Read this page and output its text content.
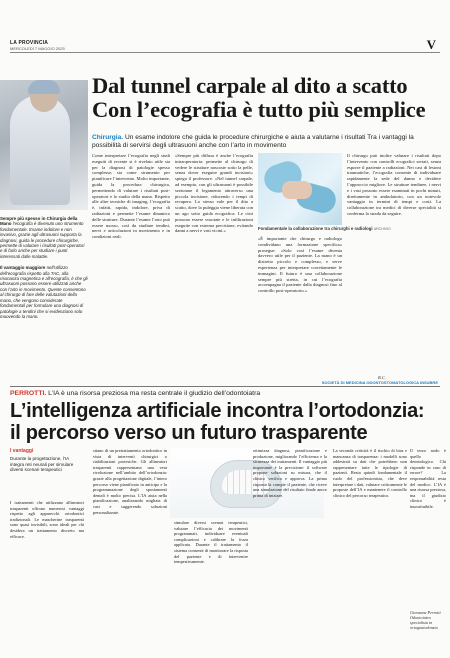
LA PROVINCIA
MERCOLEDÌ 7 MAGGIO 2025	V
Dal tunnel carpale al dito a scatto
Con l’ecografia è tutto più semplice
Chirurgia. Un esame indolore che guida le procedure chirurgiche e aiuta a valutarne i risultati Tra i vantaggi la possibilità di servirsi degli ultrasuoni anche con l’arto in movimento

Sempre più spesso in Chirurgia della Mano l’ecografia è divenuto uno strumento fondamentale. Esame indolore e non invasivo, grazie agli ultrasuoni supporta la diagnosi, guida le procedure chirurgiche, permette di valutare i risultati post-operatori e di farlo anche per studiare i punti interessati dalle malattie.

Il vantaggio maggiore nell’utilizzo dell’ecografia rispetto alla TAC, alla risonanza magnetica e all’ecografia, è che gli ultrasuoni possono essere utilizzati anche con l’arto in movimento. Queste consentono al chirurgo di fare delle valutazioni della mano, che vengono considerate fondamentali per formulare una diagnosi di patologie a tendini che si evidenziano solo muovendo la mano.

Come interpretare l’ecografia negli studi eseguiti di recente si è rivelato utile sia per la diagnosi di patologie spesso complesse, sia come strumento per pianificare l’intervento. Molto importante, guida la procedura chirurgica, permettendo di valutare i risultati post-operatori e lo studio della mano. Rispetto alle altre tecniche di imaging, l’ecografia è, infatti, rapida, indolore, priva di radiazioni e permette l’esame dinamico delle strutture. Durante l’esame l’arto può essere mosso, così da studiare tendini, nervi e articolazioni in movimento e in condizioni reali.
«Sempre più diffusa è anche l’ecografia intraoperatoria: permette al chirurgo di vedere le strutture nascoste sotto la pelle, senza dover eseguire grandi incisioni» spiega il professore. «Nel tunnel carpale, ad esempio, con gli ultrasuoni è possibile sezionare il legamento attraverso una piccola incisione, riducendo i tempi di recupero. Lo stesso vale per il dito a scatto, dove la puleggia viene liberata con un ago sotto guida ecografica. Le cisti possono essere svuotate e le infiltrazioni eseguite con estrema precisione, evitando danni a nervi e vasi vicini.»	Fondamentale la collaborazione tra chirurghi e radiologi ARCHIVIO
«È importante che chirurgo e radiologo condividano una formazione specifica» prosegue. «Solo così l’esame diventa davvero utile per il paziente. La mano è un distretto piccolo e complesso, e serve esperienza per interpretare correttamente le immagini. Il futuro è una collaborazione sempre più stretta, in cui l’ecografia accompagna il paziente dalla diagnosi fino al controllo post-operatorio.»
Il chirurgo può inoltre valutare i risultati dopo l’intervento con controlli ecografici seriati, senza esporre il paziente a radiazioni. Nei casi di lesioni traumatiche, l’ecografia consente di individuare rapidamente la sede del danno e decidere l’approccio migliore. Le strutture tendinee, i nervi e i vasi possono essere esaminati in pochi minuti, direttamente in ambulatorio, con un notevole vantaggio in termini di tempi e costi. La collaborazione tra medici di diverse specialità si conferma la strada da seguire.
B.C.
SOCIETÀ DI MEDICINA ODONTOSTOMATOLOGICA INSUBRE
PERROTTI. L’IA è una risorsa preziosa ma resta centrale il giudizio dell’odontoiatra
L’intelligenza artificiale incontra l’ortodonzia:
il percorso verso un futuro trasparente
I vantaggi
Durante la progettazione, l’IA integra reti neurali per simulare diversi scenari terapeutici
I trattamenti che utilizzano allineatori trasparenti offrono numerosi vantaggi rispetto agli apparecchi ortodontici tradizionali. Le mascherine trasparenti sono quasi invisibili, sono ideali per chi desidera un trattamento discreto ma efficace.
sitano di un pretrattamento ortodontico in vista di interventi chirurgici o riabilitazioni protesiche. Gli allineatori trasparenti rappresentano una vera rivoluzione nell’ambito dell’ortodonzia: grazie alla progettazione digitale, l’intero percorso viene pianificato in anticipo e la programmazione degli spostamenti dentali è molto precisa. L’IA aiuta nella pianificazione, analizzando migliaia di casi e suggerendo soluzioni personalizzate.
simulare diversi scenari terapeutici, valutare l’efficacia dei movimenti programmati, individuare eventuali complicazioni e calibrare la forza applicata. Durante il trattamento il sistema consente di monitorare la risposta del paziente e di intervenire tempestivamente.
ottimizza diagnosi, pianificazione e produzione, migliorando l’efficienza e la sicurezza dei trattamenti. Il vantaggio più importante è la precisione: il software propone soluzioni su misura, che il clinico verifica e approva. La prima risposta la compie il paziente, che riceve una simulazione del risultato finale ancor prima di iniziare.
La seconda criticità è il rischio di bias e mancanza di trasparenza: i modelli sono addestrati su dati che potrebbero non rappresentare tutte le tipologie di pazienti. Resta quindi fondamentale il ruolo del professionista, che deve interpretare i dati, valutare criticamente le proposte dell’IA e mantenere il controllo clinico del percorso terapeutico.
Il terzo nodo è quello deontologico. Chi risponde in caso di errore? La responsabilità resta del medico. L’IA è una risorsa preziosa, ma il giudizio clinico è insostituibile.
Giovanna Perrotti Odontoiatra specialista in ortognatodonzia
